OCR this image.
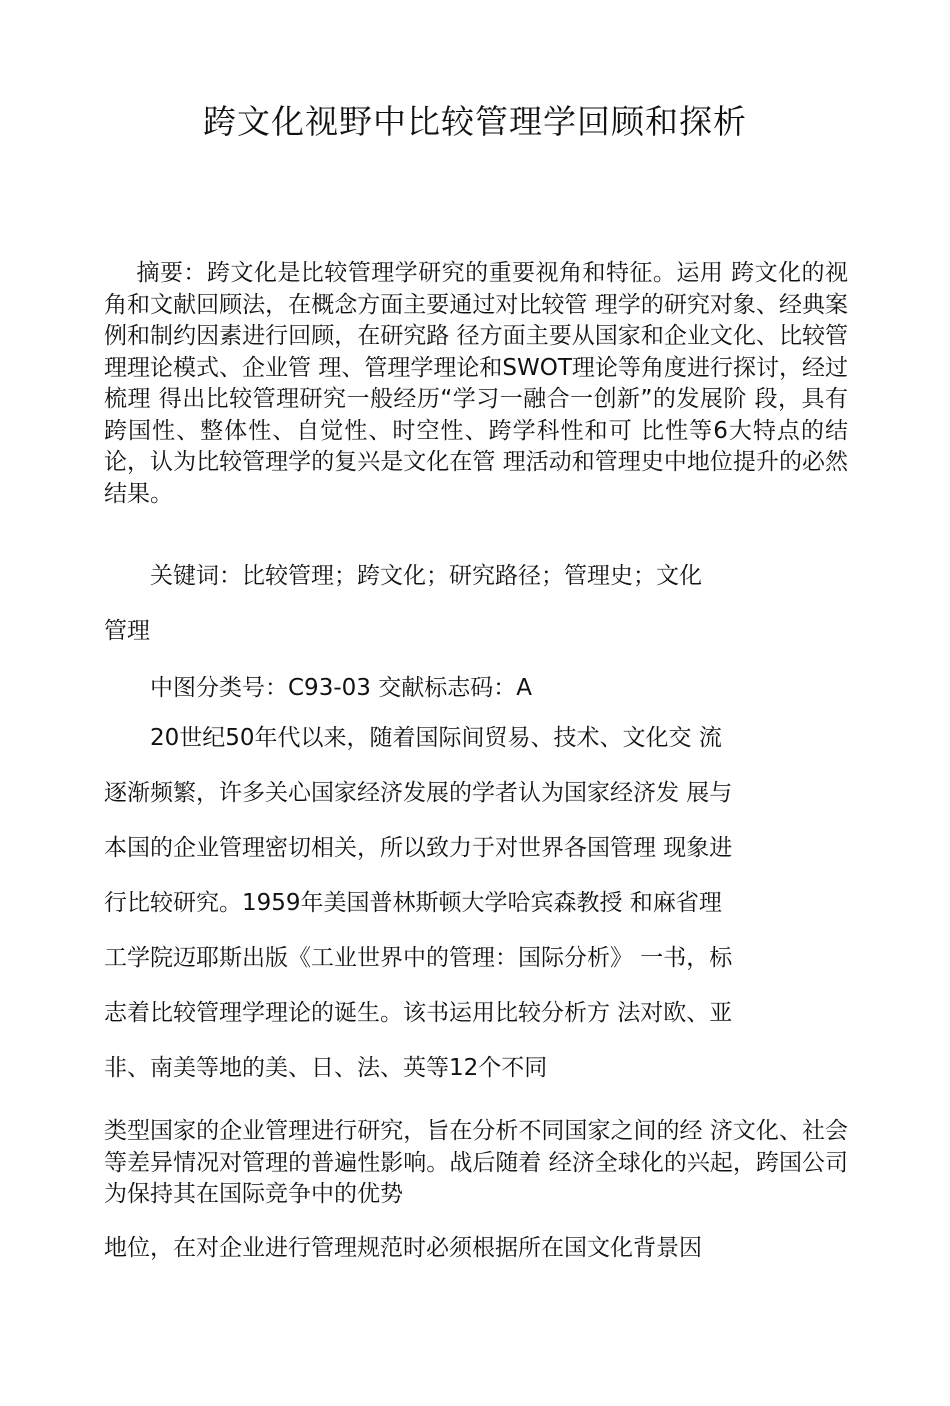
跨文化视野中比较管理学回顾和探析

摘要：跨文化是比较管理学研究的重要视角和特征。运用 跨文化的视角和文献回顾法，在概念方面主要通过对比较管 理学的研究对象、经典案例和制约因素进行回顾，在研究路 径方面主要从国家和企业文化、比较管理理论模式、企业管 理、管理学理论和SWOT理论等角度进行探讨，经过梳理 得出比较管理研究一般经历“学习一融合一创新”的发展阶 段，具有跨国性、整体性、自觉性、时空性、跨学科性和可 比性等6大特点的结论，认为比较管理学的复兴是文化在管 理活动和管理史中地位提升的必然结果。

关键词：比较管理；跨文化；研究路径；管理史；文化

管理

中图分类号：C93-03 交献标志码：A

20世纪50年代以来，随着国际间贸易、技术、文化交 流

逐渐频繁，许多关心国家经济发展的学者认为国家经济发 展与

本国的企业管理密切相关，所以致力于对世界各国管理 现象进

行比较研究。1959年美国普林斯顿大学哈宾森教授 和麻省理

工学院迈耶斯出版《工业世界中的管理：国际分析》 一书，标

志着比较管理学理论的诞生。该书运用比较分析方 法对欧、亚

非、南美等地的美、日、法、英等12个不同

类型国家的企业管理进行研究，旨在分析不同国家之间的经 济文化、社会等差异情况对管理的普遍性影响。战后随着 经济全球化的兴起，跨国公司为保持其在国际竞争中的优势

地位，在对企业进行管理规范时必须根据所在国文化背景因
